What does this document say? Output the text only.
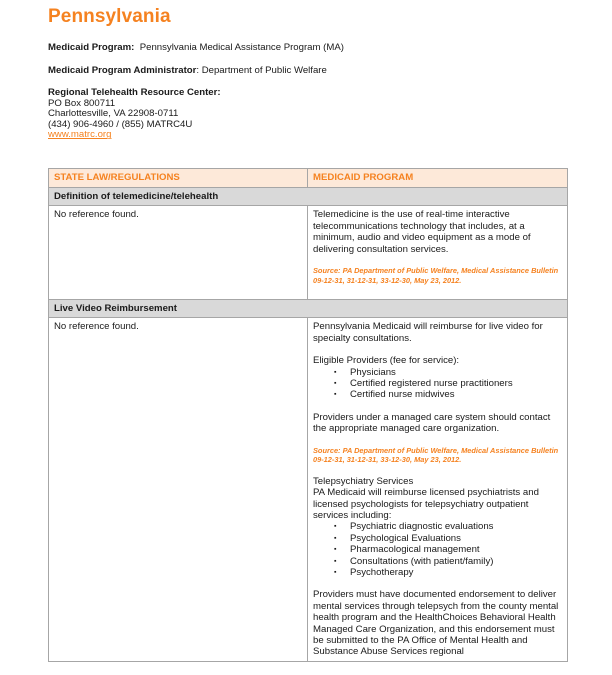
Pennsylvania

Medicaid Program: Pennsylvania Medical Assistance Program (MA)

Medicaid Program Administrator: Department of Public Welfare

Regional Telehealth Resource Center:
PO Box 800711
Charlottesville, VA 22908-0711
(434) 906-4960 / (855) MATRC4U
www.matrc.org
STATE LAW/REGULATIONS	MEDICAID PROGRAM
Definition of telemedicine/telehealth	

No reference found.	Telemedicine is the use of real-time interactive telecommunications technology that includes, at a minimum, audio and video equipment as a mode of delivering consultation services.

Source: PA Department of Public Welfare, Medical Assistance Bulletin 09-12-31, 31-12-31, 33-12-30, May 23, 2012.

Live Video Reimbursement	

No reference found.	Pennsylvania Medicaid will reimburse for live video for specialty consultations.

Eligible Providers (fee for service):

▪ Physicians
▪ Certified registered nurse practitioners
▪ Certified nurse midwives

Providers under a managed care system should contact the appropriate managed care organization.

Source: PA Department of Public Welfare, Medical Assistance Bulletin 09-12-31, 31-12-31, 33-12-30, May 23, 2012.

Telepsychiatry Services

PA Medicaid will reimburse licensed psychiatrists and licensed psychologists for telepsychiatry outpatient services including:

▪ Psychiatric diagnostic evaluations
▪ Psychological Evaluations
▪ Pharmacological management
▪ Consultations (with patient/family)
▪ Psychotherapy

Providers must have documented endorsement to deliver mental services through telepsych from the county mental health program and the HealthChoices Behavioral Health Managed Care Organization, and this endorsement must be submitted to the PA Office of Mental Health and Substance Abuse Services regional
